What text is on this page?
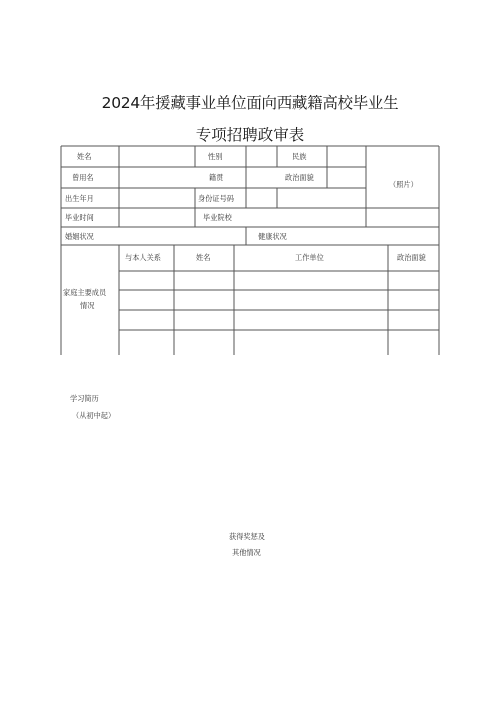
2024年援藏事业单位面向西藏籍高校毕业生
专项招聘政审表
姓名	性别	民族
曾用名	籍贯	政治面貌
（照片）
出生年月	身份证号码
毕业时间	毕业院校
婚姻状况	健康状况
与本人关系	姓名	工作单位	政治面貌
家庭主要成员
情况
学习简历
（从初中起）
获得奖惩及
其他情况
